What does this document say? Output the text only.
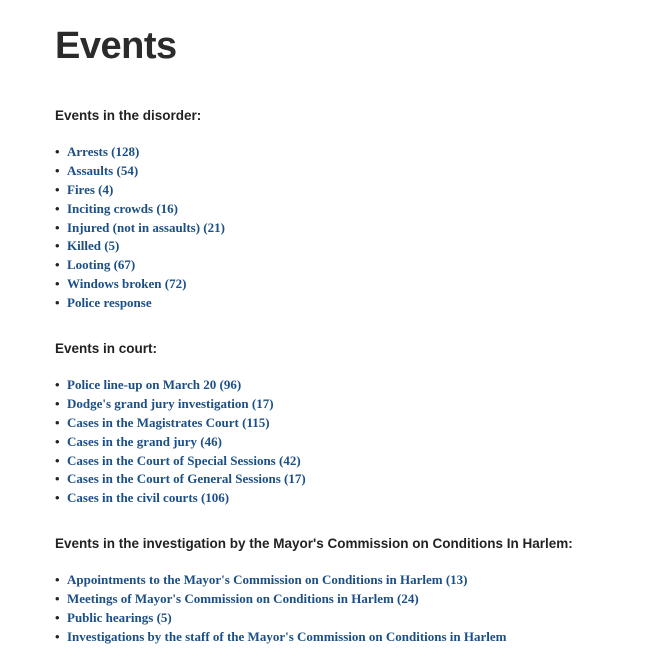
Events
Events in the disorder:
• Arrests (128)
• Assaults (54)
• Fires (4)
• Inciting crowds (16)
• Injured (not in assaults) (21)
• Killed (5)
• Looting (67)
• Windows broken (72)
• Police response
Events in court:
• Police line-up on March 20 (96)
• Dodge's grand jury investigation (17)
• Cases in the Magistrates Court (115)
• Cases in the grand jury (46)
• Cases in the Court of Special Sessions (42)
• Cases in the Court of General Sessions (17)
• Cases in the civil courts (106)
Events in the investigation by the Mayor's Commission on Conditions In Harlem:
• Appointments to the Mayor's Commission on Conditions in Harlem (13)
• Meetings of Mayor's Commission on Conditions in Harlem (24)
• Public hearings (5)
• Investigations by the staff of the Mayor's Commission on Conditions in Harlem
